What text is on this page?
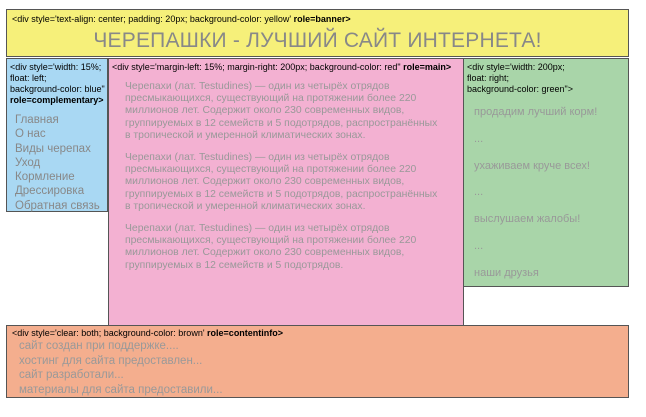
<div style='text-align: center; padding: 20px; background-color: yellow' role=banner>
ЧЕРЕПАШКИ - ЛУЧШИЙ САЙТ ИНТЕРНЕТА!
<div style='width: 15%;
float: left;
background-color: blue"
role=complementary>
Главная
О нас
Виды черепах
Уход
Кормление
Дрессировка
Обратная связь
<div style='margin-left: 15%; margin-right: 200px; background-color: red" role=main>

Черепахи (лат. Testudines) — один из четырёх отрядов пресмыкающихся, существующий на протяжении более 220 миллионов лет. Содержит около 230 современных видов, группируемых в 12 семейств и 5 подотрядов, распространённых в тропической и умеренной климатических зонах.

Черепахи (лат. Testudines) — один из четырёх отрядов пресмыкающихся, существующий на протяжении более 220 миллионов лет. Содержит около 230 современных видов, группируемых в 12 семейств и 5 подотрядов, распространённых в тропической и умеренной климатических зонах.

Черепахи (лат. Testudines) — один из четырёх отрядов пресмыкающихся, существующий на протяжении более 220 миллионов лет. Содержит около 230 современных видов, группируемых в 12 семейств и 5 подотрядов.

<div style='width: 200px;
float: right;
background-color: green">
продадим лучший корм!
...
ухаживаем круче всех!
...
выслушаем жалобы!
...
наши друзья
<div style='clear: both; background-color: brown' role=contentinfo>
сайт создан при поддержке....
хостинг для сайта предоставлен...
сайт разработали...
материалы для сайта предоставили...
